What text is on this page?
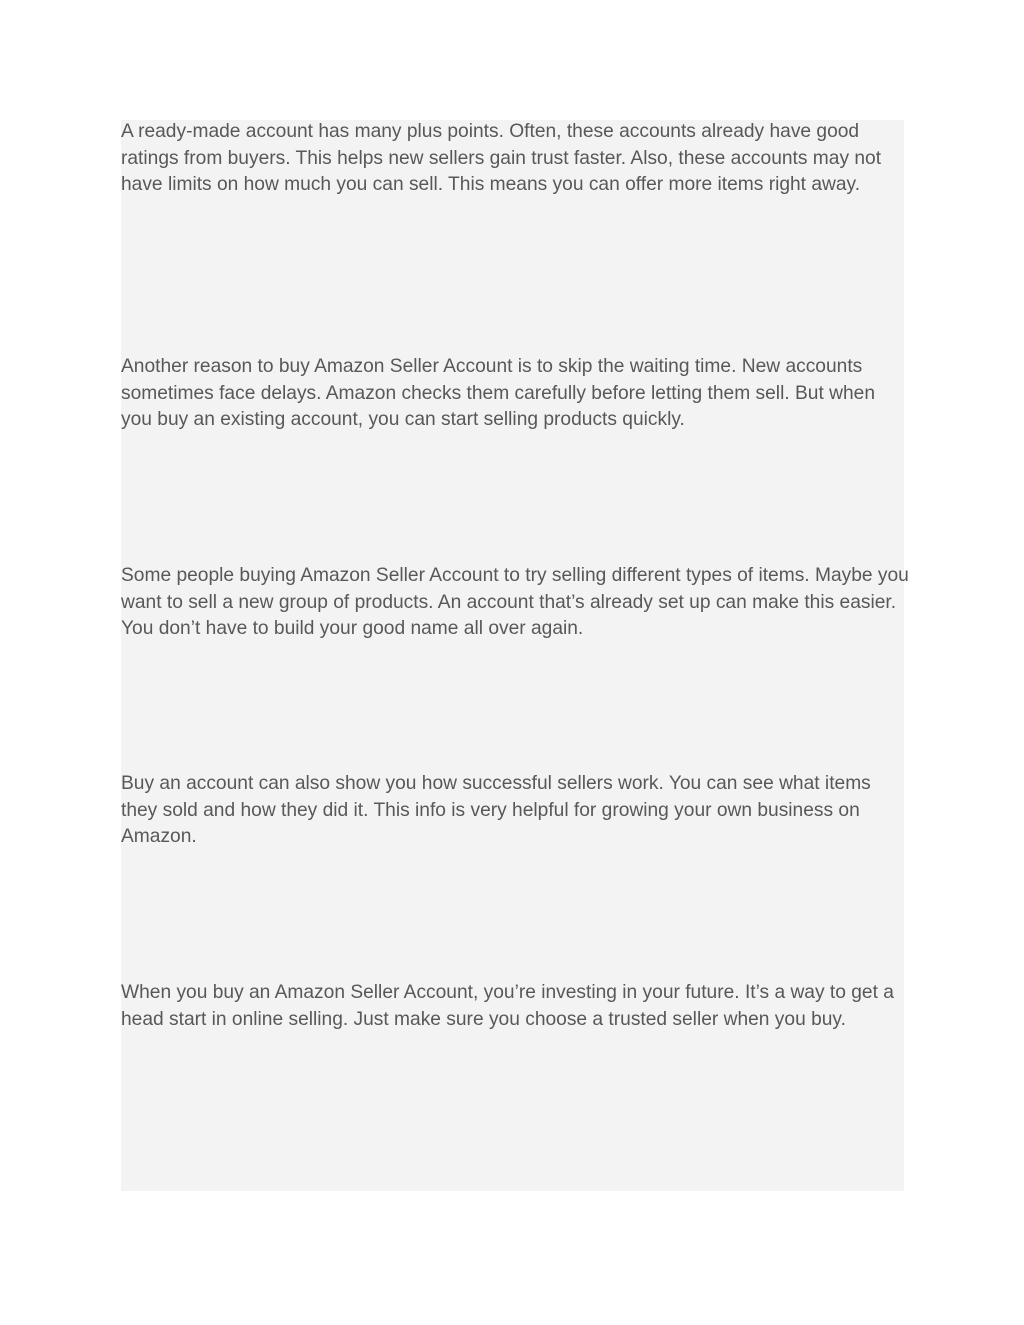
A ready-made account has many plus points. Often, these accounts already have good ratings from buyers. This helps new sellers gain trust faster. Also, these accounts may not have limits on how much you can sell. This means you can offer more items right away.

Another reason to buy Amazon Seller Account is to skip the waiting time. New accounts sometimes face delays. Amazon checks them carefully before letting them sell. But when you buy an existing account, you can start selling products quickly.

Some people buying Amazon Seller Account to try selling different types of items. Maybe you want to sell a new group of products. An account that’s already set up can make this easier. You don’t have to build your good name all over again.

Buy an account can also show you how successful sellers work. You can see what items they sold and how they did it. This info is very helpful for growing your own business on Amazon.

When you buy an Amazon Seller Account, you’re investing in your future. It’s a way to get a head start in online selling. Just make sure you choose a trusted seller when you buy.
